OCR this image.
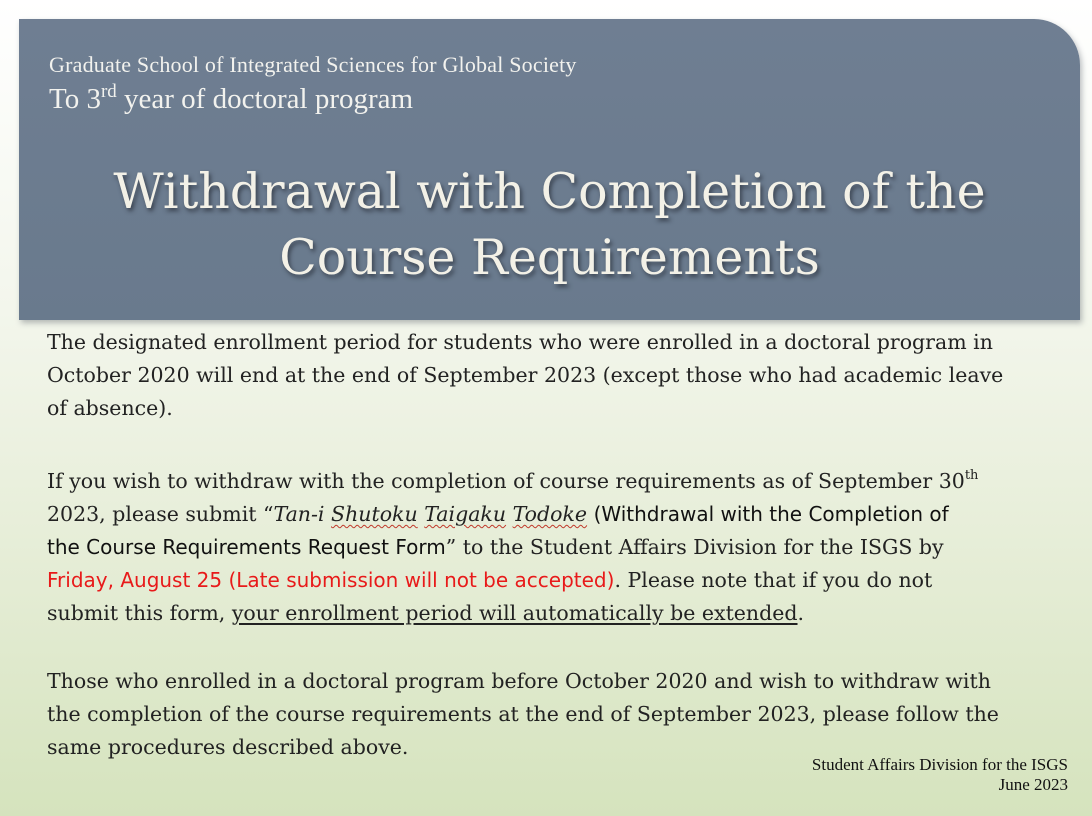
Graduate School of Integrated Sciences for Global Society
To 3rd year of doctoral program
Withdrawal with Completion of the
Course Requirements
The designated enrollment period for students who were enrolled in a doctoral program in
October 2020 will end at the end of September 2023 (except those who had academic leave
of absence).
If you wish to withdraw with the completion of course requirements as of September 30th
2023, please submit “Tan-i Shutoku Taigaku Todoke (Withdrawal with the Completion of
the Course Requirements Request Form” to the Student Affairs Division for the ISGS by
Friday, August 25 (Late submission will not be accepted). Please note that if you do not
submit this form, your enrollment period will automatically be extended.
Those who enrolled in a doctoral program before October 2020 and wish to withdraw with
the completion of the course requirements at the end of September 2023, please follow the
same procedures described above.
Student Affairs Division for the ISGS
June 2023
